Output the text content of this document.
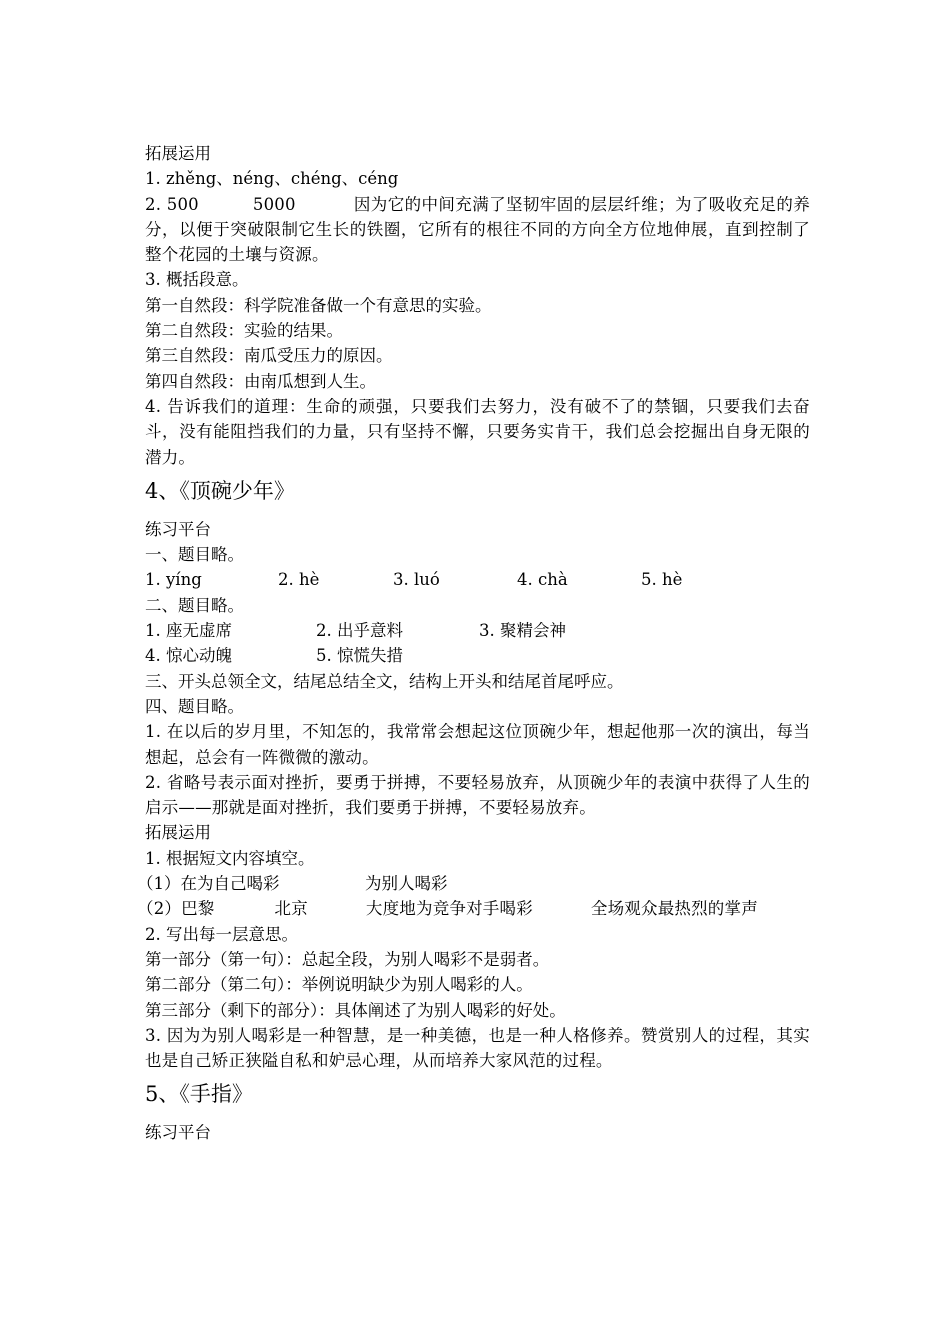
拓展运用
1. zhěng、néng、chéng、céng
2. 500	5000	因为它的中间充满了坚韧牢固的层层纤维；为了吸收充足的养分，以便于突破限制它生长的铁圈，它所有的根往不同的方向全方位地伸展，直到控制了整个花园的土壤与资源。
3. 概括段意。
第一自然段：科学院准备做一个有意思的实验。
第二自然段：实验的结果。
第三自然段：南瓜受压力的原因。
第四自然段：由南瓜想到人生。
4. 告诉我们的道理：生命的顽强，只要我们去努力，没有破不了的禁锢，只要我们去奋斗，没有能阻挡我们的力量，只有坚持不懈，只要务实肯干，我们总会挖掘出自身无限的潜力。
4、《顶碗少年》
练习平台
一、题目略。
1. yíng	2. hè	3. luó	4. chà	5. hè
二、题目略。
1. 座无虚席	2. 出乎意料	3. 聚精会神
4. 惊心动魄	5. 惊慌失措
三、开头总领全文，结尾总结全文，结构上开头和结尾首尾呼应。
四、题目略。
1. 在以后的岁月里，不知怎的，我常常会想起这位顶碗少年，想起他那一次的演出，每当想起，总会有一阵微微的激动。
2. 省略号表示面对挫折，要勇于拼搏，不要轻易放弃，从顶碗少年的表演中获得了人生的启示——那就是面对挫折，我们要勇于拼搏，不要轻易放弃。
拓展运用
1. 根据短文内容填空。
（1）在为自己喝彩	为别人喝彩
（2）巴黎	北京	大度地为竞争对手喝彩	全场观众最热烈的掌声
2. 写出每一层意思。
第一部分（第一句）：总起全段，为别人喝彩不是弱者。
第二部分（第二句）：举例说明缺少为别人喝彩的人。
第三部分（剩下的部分）：具体阐述了为别人喝彩的好处。
3. 因为为别人喝彩是一种智慧，是一种美德，也是一种人格修养。赞赏别人的过程，其实也是自己矫正狭隘自私和妒忌心理，从而培养大家风范的过程。
5、《手指》
练习平台
